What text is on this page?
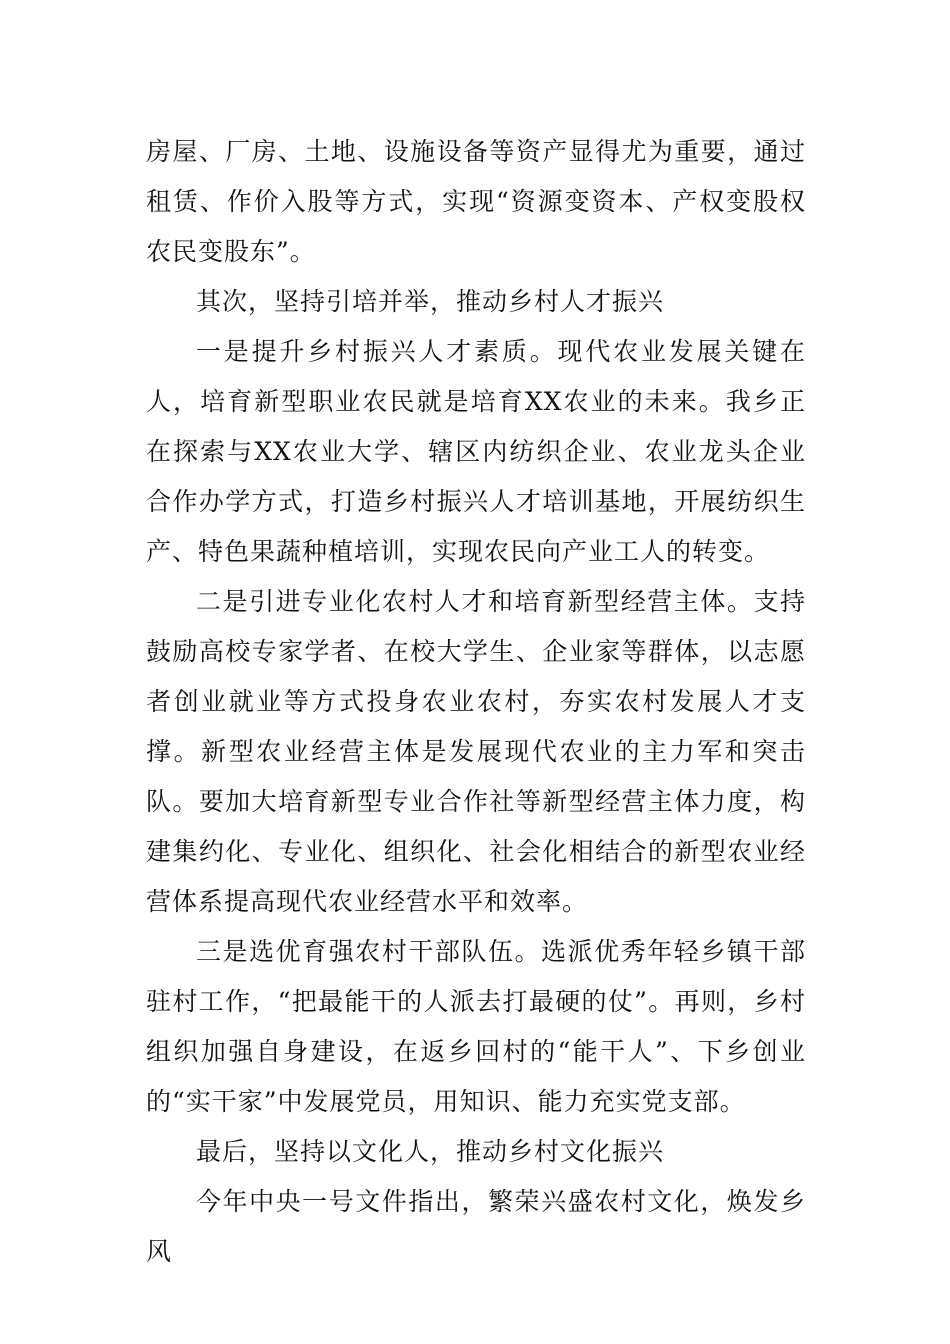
房屋、厂房、土地、设施设备等资产显得尤为重要，通过租赁、作价入股等方式，实现“资源变资本、产权变股权农民变股东”。

其次，坚持引培并举，推动乡村人才振兴

一是提升乡村振兴人才素质。现代农业发展关键在人，培育新型职业农民就是培育XX农业的未来。我乡正在探索与XX农业大学、辖区内纺织企业、农业龙头企业合作办学方式，打造乡村振兴人才培训基地，开展纺织生产、特色果蔬种植培训，实现农民向产业工人的转变。

二是引进专业化农村人才和培育新型经营主体。支持鼓励高校专家学者、在校大学生、企业家等群体，以志愿者创业就业等方式投身农业农村，夯实农村发展人才支撑。新型农业经营主体是发展现代农业的主力军和突击队。要加大培育新型专业合作社等新型经营主体力度，构建集约化、专业化、组织化、社会化相结合的新型农业经营体系提高现代农业经营水平和效率。

三是选优育强农村干部队伍。选派优秀年轻乡镇干部驻村工作，“把最能干的人派去打最硬的仗”。再则，乡村组织加强自身建设，在返乡回村的“能干人”、下乡创业的“实干家”中发展党员，用知识、能力充实党支部。

最后，坚持以文化人，推动乡村文化振兴

今年中央一号文件指出，繁荣兴盛农村文化，焕发乡风
